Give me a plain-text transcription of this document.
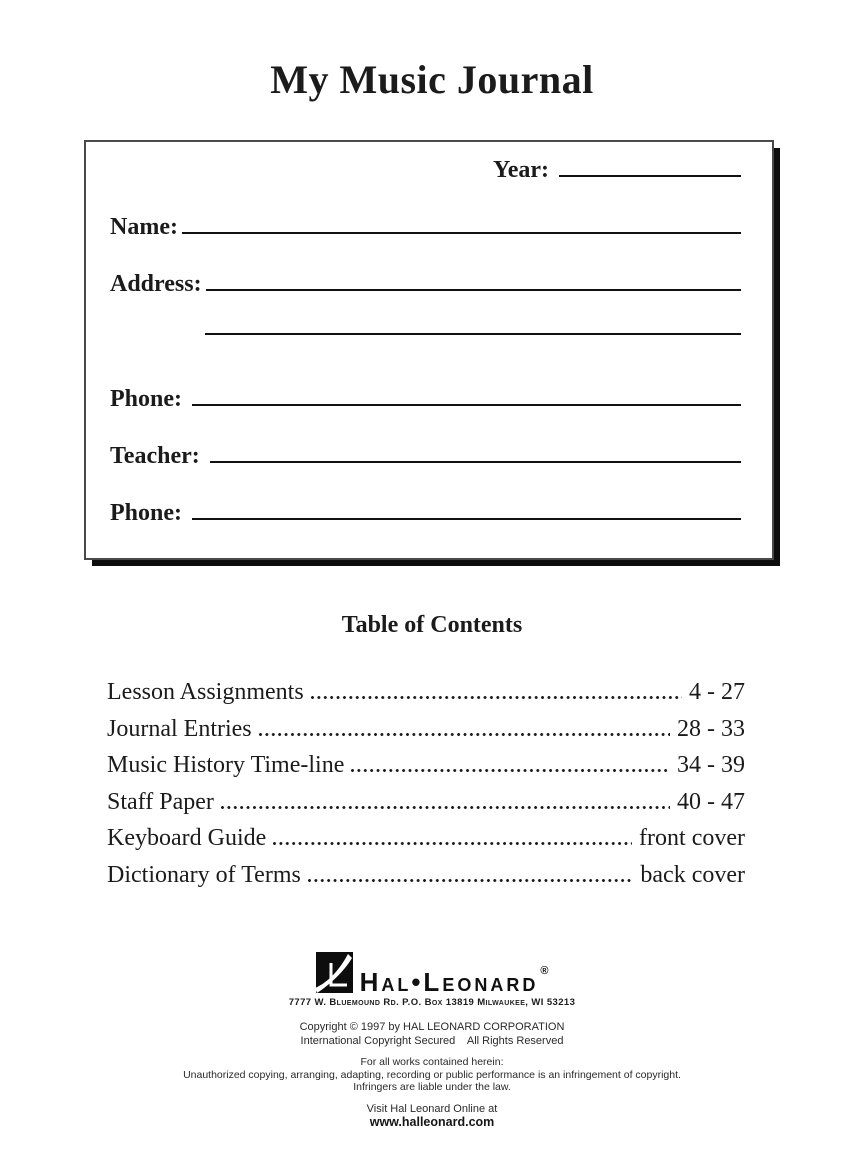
My Music Journal
Year:
Name:
Address:
Phone:
Teacher:
Phone:
Table of Contents
Lesson Assignments	4 - 27
Journal Entries	28 - 33
Music History Time-line	34 - 39
Staff Paper	40 - 47
Keyboard Guide	front cover
Dictionary of Terms	back cover
Hal•Leonard ®
7777 W. Bluemound Rd. P.O. Box 13819 Milwaukee, WI 53213
Copyright © 1997 by HAL LEONARD CORPORATION
International Copyright Secured    All Rights Reserved
For all works contained herein:
Unauthorized copying, arranging, adapting, recording or public performance is an infringement of copyright.
Infringers are liable under the law.
Visit Hal Leonard Online at
www.halleonard.com
